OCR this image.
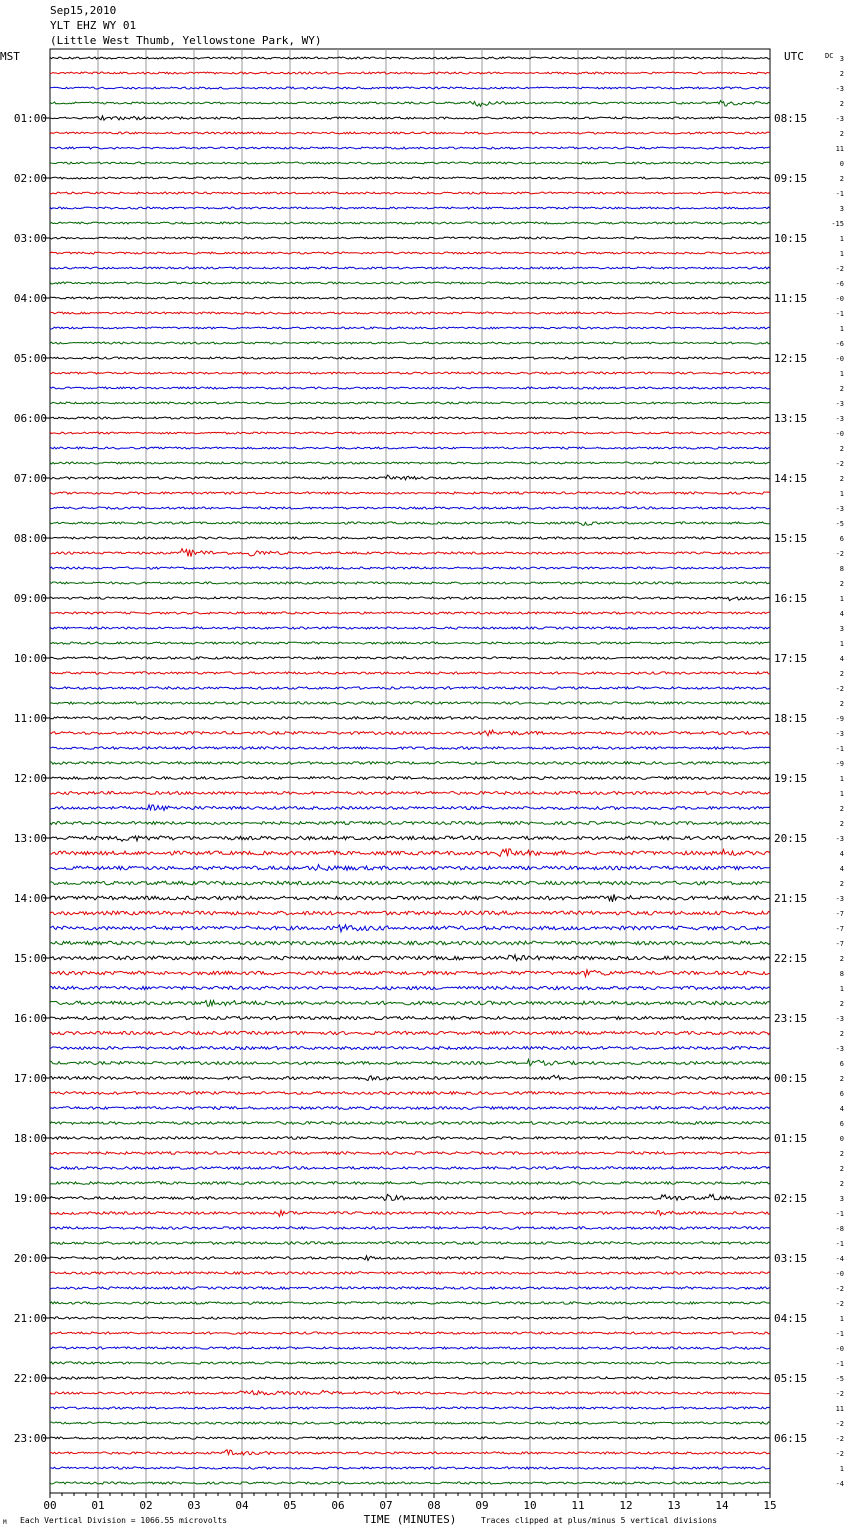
Sep15,2010
YLT EHZ WY 01
(Little West Thumb, Yellowstone Park, WY)
MST	UTC	DC
01:00	08:15
02:00	09:15
03:00	10:15
04:00	11:15
05:00	12:15
06:00	13:15
07:00	14:15
08:00	15:15
09:00	16:15
10:00	17:15
11:00	18:15
12:00	19:15
13:00	20:15
14:00	21:15
15:00	22:15
16:00	23:15
17:00	00:15
18:00	01:15
19:00	02:15
20:00	03:15
21:00	04:15
22:00	05:15
23:00	06:15
3
2
-3
2
-3
2
11
0
2
-1
3
-15
1
1
-2
-6
-0
-1
1
-6
-0
1
2
-3
-3
-0
2
-2
2
1
-3
-5
6
-2
8
2
1
4
3
1
4
2
-2
2
-9
-3
-1
-9
1
1
2
2
-3
4
4
2
-3
-7
-7
-7
2
8
1
2
-3
2
-3
6
2
6
4
6
0
2
2
2
3
-1
-8
-1
-4
-0
-2
-2
1
-1
-0
-1
-5
-2
11
-2
-2
-2
1
-4
00	01	02	03	04	05	06	07	08	09	10	11	12	13	14	15
TIME (MINUTES)
M Each Vertical Division = 1066.55 microvolts	Traces clipped at plus/minus 5 vertical divisions
